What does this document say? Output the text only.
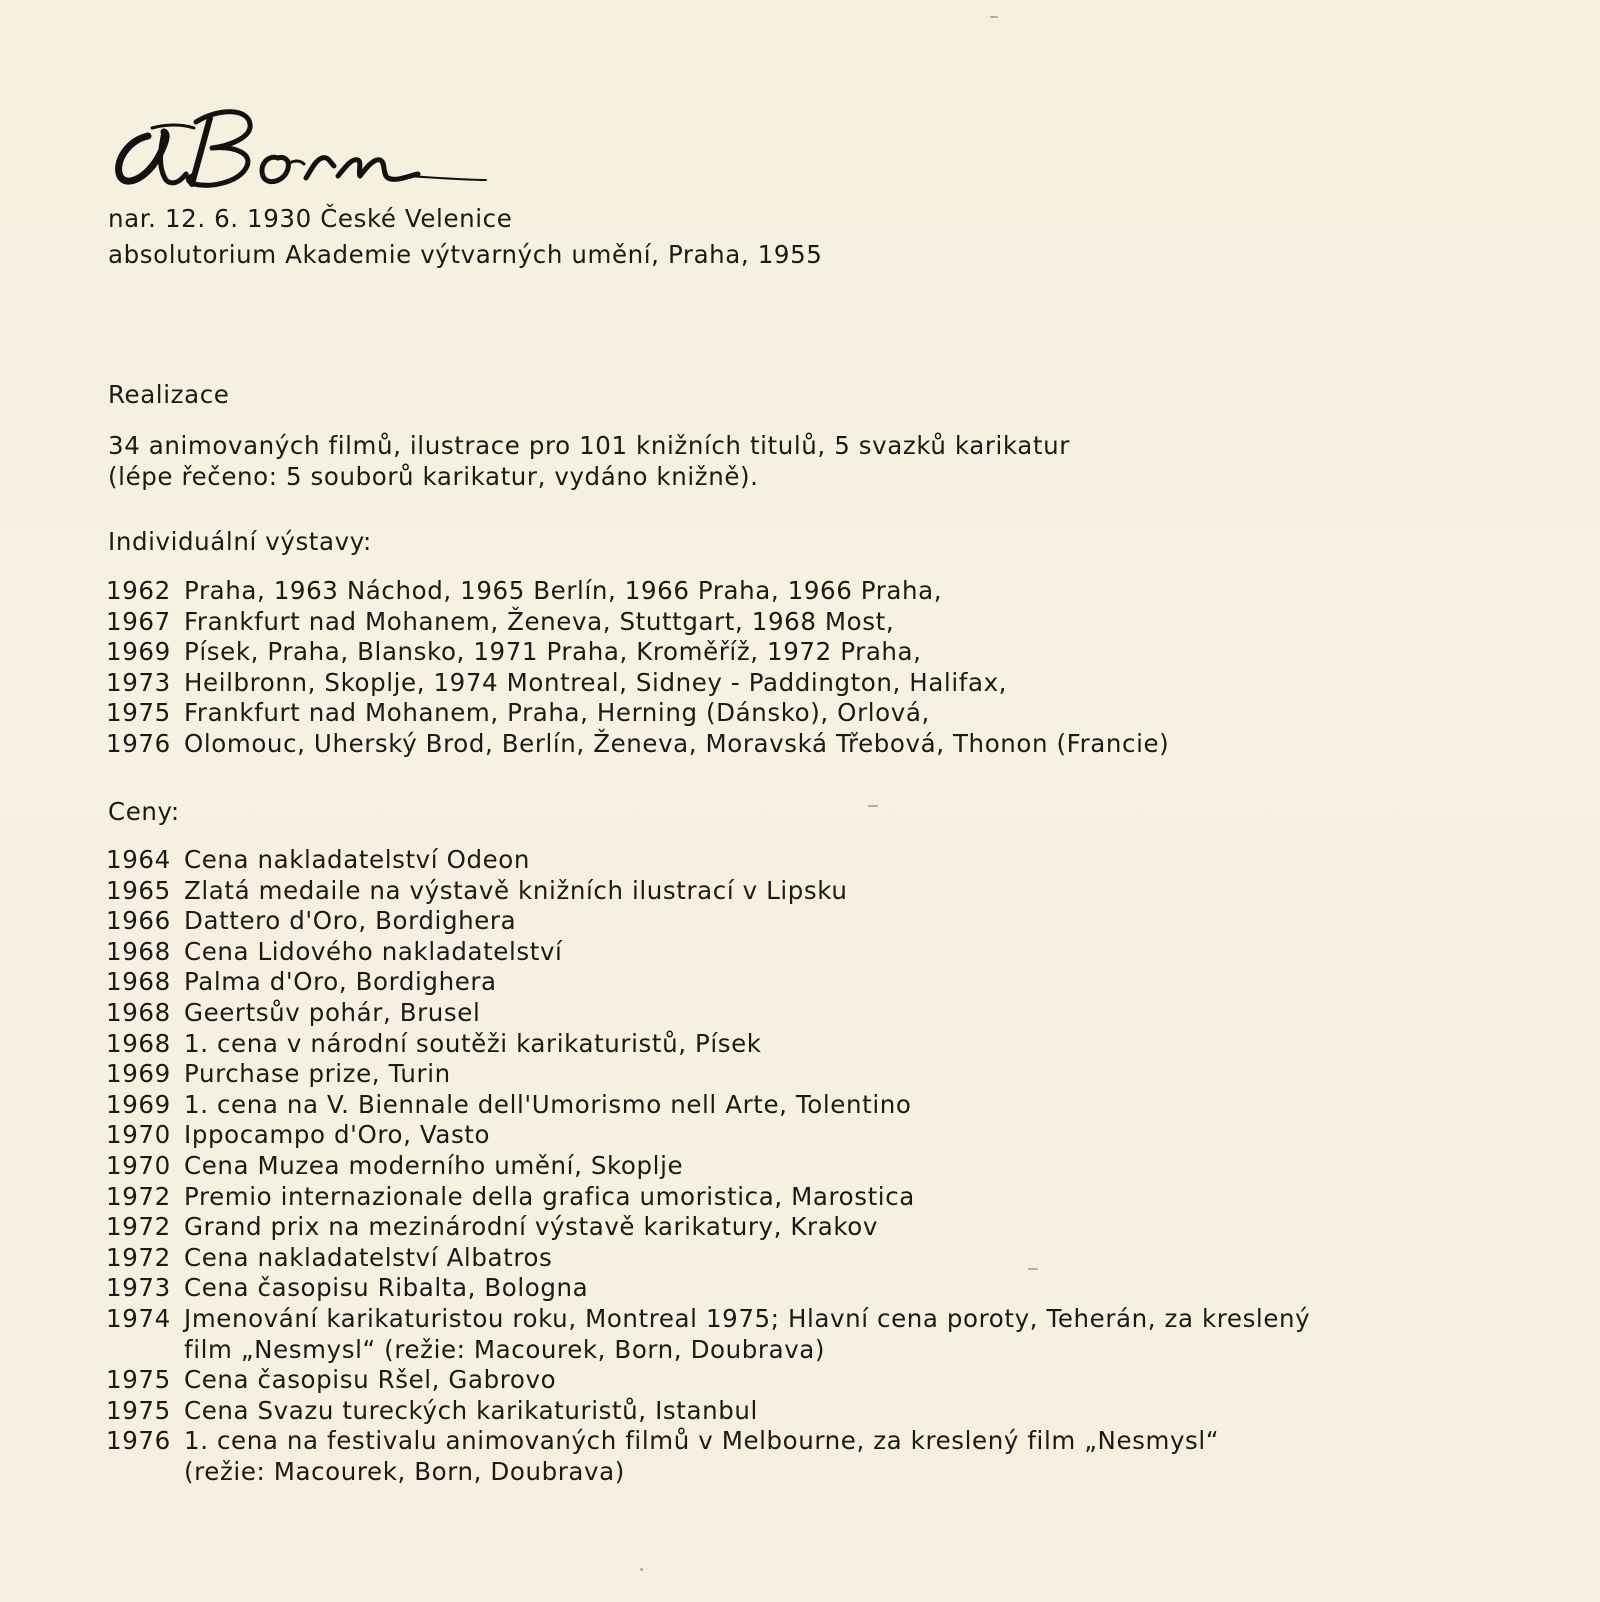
nar. 12. 6. 1930 České Velenice
absolutorium Akademie výtvarných umění, Praha, 1955
Realizace
34 animovaných filmů, ilustrace pro 101 knižních titulů, 5 svazků karikatur
(lépe řečeno: 5 souborů karikatur, vydáno knižně).
Individuální výstavy:
1962 Praha, 1963 Náchod, 1965 Berlín, 1966 Praha, 1966 Praha,
1967 Frankfurt nad Mohanem, Ženeva, Stuttgart, 1968 Most,
1969 Písek, Praha, Blansko, 1971 Praha, Kroměříž, 1972 Praha,
1973 Heilbronn, Skoplje, 1974 Montreal, Sidney - Paddington, Halifax,
1975 Frankfurt nad Mohanem, Praha, Herning (Dánsko), Orlová,
1976 Olomouc, Uherský Brod, Berlín, Ženeva, Moravská Třebová, Thonon (Francie)
Ceny:
1964 Cena nakladatelství Odeon
1965 Zlatá medaile na výstavě knižních ilustrací v Lipsku
1966 Dattero d'Oro, Bordighera
1968 Cena Lidového nakladatelství
1968 Palma d'Oro, Bordighera
1968 Geertsův pohár, Brusel
1968 1. cena v národní soutěži karikaturistů, Písek
1969 Purchase prize, Turin
1969 1. cena na V. Biennale dell'Umorismo nell Arte, Tolentino
1970 Ippocampo d'Oro, Vasto
1970 Cena Muzea moderního umění, Skoplje
1972 Premio internazionale della grafica umoristica, Marostica
1972 Grand prix na mezinárodní výstavě karikatury, Krakov
1972 Cena nakladatelství Albatros
1973 Cena časopisu Ribalta, Bologna
1974 Jmenování karikaturistou roku, Montreal 1975; Hlavní cena poroty, Teherán, za kreslený
film „Nesmysl“ (režie: Macourek, Born, Doubrava)
1975 Cena časopisu Ršel, Gabrovo
1975 Cena Svazu tureckých karikaturistů, Istanbul
1976 1. cena na festivalu animovaných filmů v Melbourne, za kreslený film „Nesmysl“
(režie: Macourek, Born, Doubrava)
